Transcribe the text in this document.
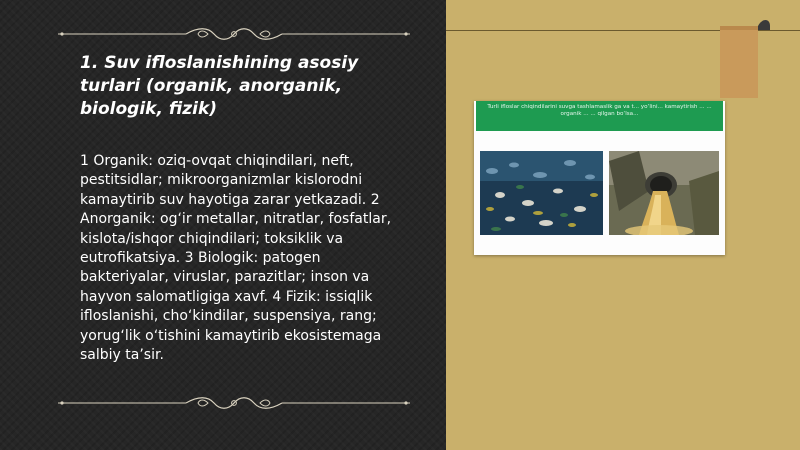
1. Suv ifloslanishining asosiy turlari (organik, anorganik, biologik, fizik)

1 Organik: oziq-ovqat chiqindilari, neft, pestitsidlar; mikroorganizmlar kislorodni kamaytirib suv hayotiga zarar yetkazadi. 2 Anorganik: og‘ir metallar, nitratlar, fosfatlar, kislota/ishqor chiqindilari; toksiklik va eutrofikatsiya. 3 Biologik: patogen bakteriyalar, viruslar, parazitlar; inson va hayvon salomatligiga xavf. 4 Fizik: issiqlik ifloslanishi, cho‘kindilar, suspensiya, rang; yorug‘lik o‘tishini kamaytirib ekosistemaga salbiy ta’sir.

Turli ifloslar chiqindilarini suvga tashlamaslik ga va t... yo‘lini... kamaytirish ... ... organik ... ... qilgan bo‘lsa...
